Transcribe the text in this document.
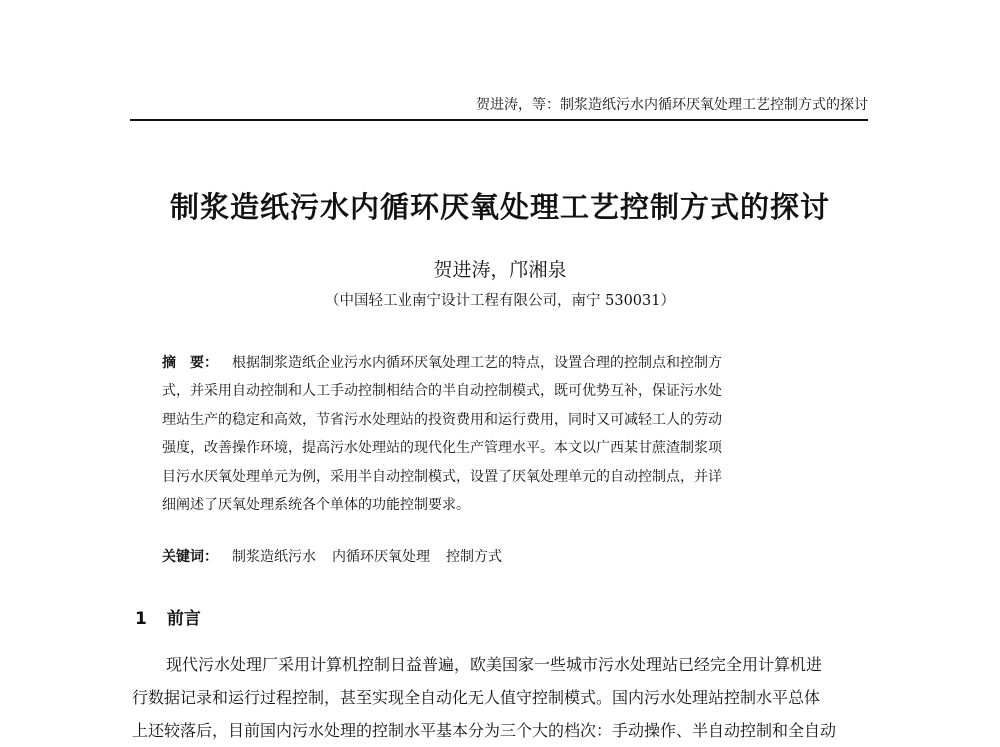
贺进涛，等：制浆造纸污水内循环厌氧处理工艺控制方式的探讨
制浆造纸污水内循环厌氧处理工艺控制方式的探讨
贺进涛，邝湘泉
（中国轻工业南宁设计工程有限公司，南宁 530031）
摘　要： 根据制浆造纸企业污水内循环厌氧处理工艺的特点，设置合理的控制点和控制方
式，并采用自动控制和人工手动控制相结合的半自动控制模式，既可优势互补，保证污水处
理站生产的稳定和高效，节省污水处理站的投资费用和运行费用，同时又可减轻工人的劳动
强度，改善操作环境，提高污水处理站的现代化生产管理水平。本文以广西某甘蔗渣制浆项
目污水厌氧处理单元为例，采用半自动控制模式，设置了厌氧处理单元的自动控制点，并详
细阐述了厌氧处理系统各个单体的功能控制要求。
关键词： 制浆造纸污水 内循环厌氧处理 控制方式
1 前言
现代污水处理厂采用计算机控制日益普遍，欧美国家一些城市污水处理站已经完全用计算机进
行数据记录和运行过程控制，甚至实现全自动化无人值守控制模式。国内污水处理站控制水平总体
上还较落后，目前国内污水处理的控制水平基本分为三个大的档次：手动操作、半自动控制和全自动
